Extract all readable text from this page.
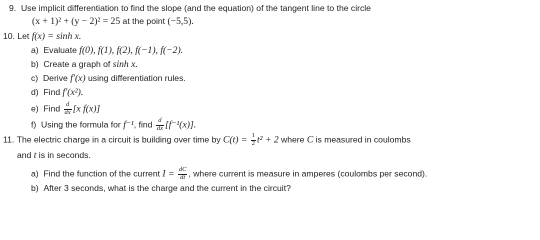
9. Use implicit differentiation to find the slope (and the equation) of the tangent line to the circle
(x + 1)² + (y − 2)² = 25 at the point (−5,5).
10. Let f(x) = sinh x.
a) Evaluate f(0), f(1), f(2), f(−1), f(−2).
b) Create a graph of sinh x.
c) Derive f′(x) using differentiation rules.
d) Find f′(x²).
e) Find $\frac{d}{dx} [x$ f(x)]
f) Using the formula for f⁻¹, find $\frac{d}{dx} [f^{-1}(x)]$.
11. The electric charge in a circuit is building over time by $C(t) = \frac{1}{2} t^2 + 2$ where C is measured in coulombs
and t is in seconds.
a) Find the function of the current $I = \frac{dC}{dt}$ , where current is measure in amperes (coulombs per second).
b) After 3 seconds, what is the charge and the current in the circuit?
